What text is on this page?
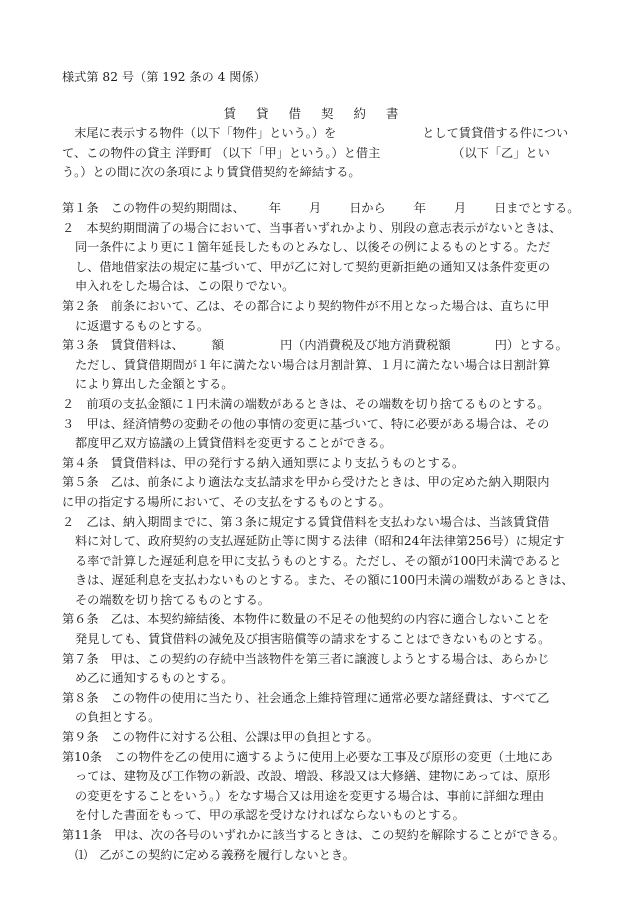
様式第 82 号（第 192 条の 4 関係）
賃 貸 借 契 約 書
　末尾に表示する物件（以下「物件」という。）を	として賃貸借する件につい
て、この物件の貸主 洋野町 （以下「甲」という。）と借主	（以下「乙」とい
う。）との間に次の条項により賃貸借契約を締結する。
第１条　 この物件の契約期間は、 年 月 日から 年 月 日までとする。
２　本契約期間満了の場合において、当事者いずれかより、別段の意志表示がないときは、
同一条件により更に１箇年延長したものとみなし、以後その例によるものとする。ただ
し、借地借家法の規定に基づいて、甲が乙に対して契約更新拒絶の通知又は条件変更の
申入れをした場合は、この限りでない。
第２条　前条において、乙は、その都合により契約物件が不用となった場合は、直ちに甲
に返還するものとする。
第３条　 賃貸借料は、 額	円（内消費税及び地方消費税額	円）とする。
ただし、賃貸借期間が１年に満たない場合は月割計算、１月に満たない場合は日割計算
により算出した金額とする。
２　前項の支払金額に１円未満の端数があるときは、その端数を切り捨てるものとする。
３　甲は、経済情勢の変動その他の事情の変更に基づいて、特に必要がある場合は、その
都度甲乙双方協議の上賃貸借料を変更することができる。
第４条　賃貸借料は、甲の発行する納入通知票により支払うものとする。
第５条　乙は、前条により適法な支払請求を甲から受けたときは、甲の定めた納入期限内
に甲の指定する場所において、その支払をするものとする。
２　乙は、納入期間までに、第３条に規定する賃貸借料を支払わない場合は、当該賃貸借
料に対して、政府契約の支払遅延防止等に関する法律（昭和24年法律第256号）に規定す
る率で計算した遅延利息を甲に支払うものとする。ただし、その額が100円未満であると
きは、遅延利息を支払わないものとする。また、その額に100円未満の端数があるときは、
その端数を切り捨てるものとする。
第６条　乙は、本契約締結後、本物件に数量の不足その他契約の内容に適合しないことを
発見しても、賃貸借料の減免及び損害賠償等の請求をすることはできないものとする。
第７条　甲は、この契約の存続中当該物件を第三者に譲渡しようとする場合は、あらかじ
め乙に通知するものとする。
第８条　この物件の使用に当たり、社会通念上維持管理に通常必要な諸経費は、すべて乙
の負担とする。
第９条　この物件に対する公租、公課は甲の負担とする。
第10条　この物件を乙の使用に適するように使用上必要な工事及び原形の変更（土地にあ
っては、建物及び工作物の新設、改設、増設、移設又は大修繕、建物にあっては、原形
の変更をすることをいう。）をなす場合又は用途を変更する場合は、事前に詳細な理由
を付した書面をもって、甲の承認を受けなければならないものとする。
第11条　甲は、次の各号のいずれかに該当するときは、この契約を解除することができる。
⑴　乙がこの契約に定める義務を履行しないとき。
